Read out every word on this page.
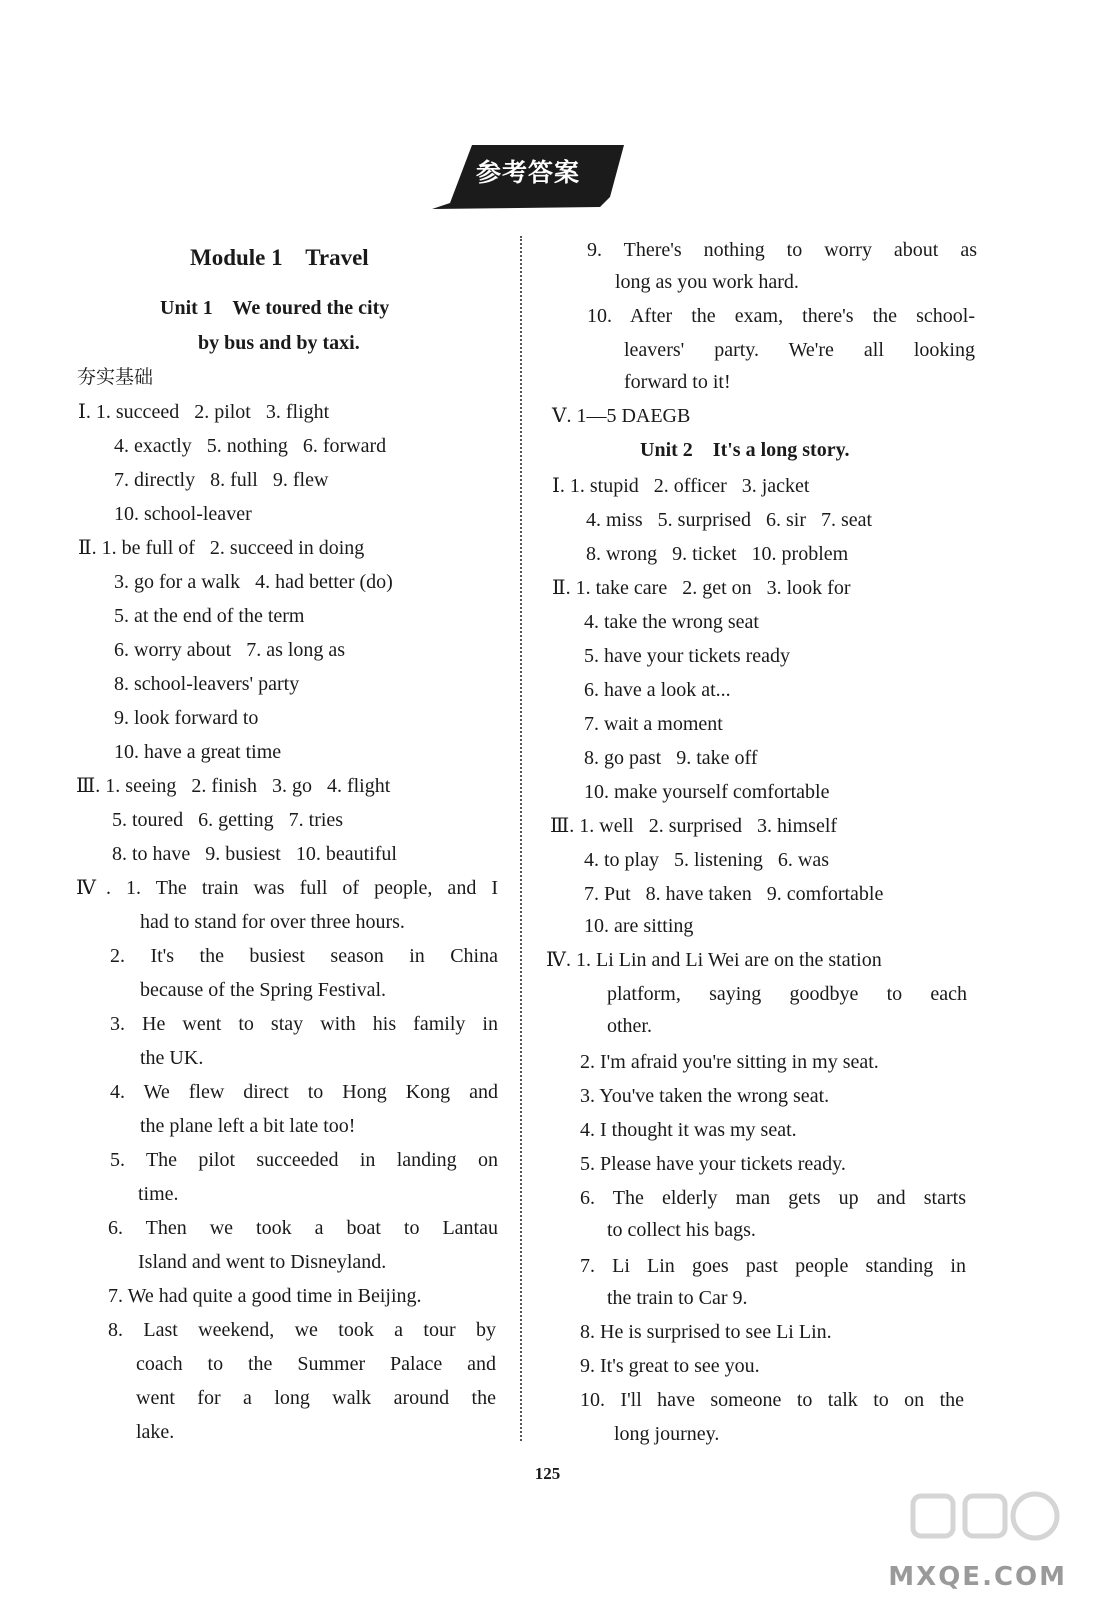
参考答案
Module 1    Travel
Unit 1    We toured the city
by bus and by taxi.
夯实基础
Ⅰ. 1. succeed   2. pilot   3. flight
4. exactly   5. nothing   6. forward
7. directly   8. full   9. flew
10. school-leaver
Ⅱ. 1. be full of   2. succeed in doing
3. go for a walk   4. had better (do)
5. at the end of the term
6. worry about   7. as long as
8. school-leavers' party
9. look forward to
10. have a great time
Ⅲ. 1. seeing   2. finish   3. go   4. flight
5. toured   6. getting   7. tries
8. to have   9. busiest   10. beautiful
Ⅳ. 1. The train was full of people, and I
had to stand for over three hours.
2. It's the busiest season in China
because of the Spring Festival.
3. He went to stay with his family in
the UK.
4. We flew direct to Hong Kong and
the plane left a bit late too!
5. The pilot succeeded in landing on
time.
6. Then we took a boat to Lantau
Island and went to Disneyland.
7. We had quite a good time in Beijing.
8. Last weekend, we took a tour by
coach to the Summer Palace and
went for a long walk around the
lake.
9. There's nothing to worry about as
long as you work hard.
10. After the exam, there's the school-
leavers' party. We're all looking
forward to it!
Ⅴ. 1—5 DAEGB
Unit 2    It's a long story.
Ⅰ. 1. stupid   2. officer   3. jacket
4. miss   5. surprised   6. sir   7. seat
8. wrong   9. ticket   10. problem
Ⅱ. 1. take care   2. get on   3. look for
4. take the wrong seat
5. have your tickets ready
6. have a look at...
7. wait a moment
8. go past   9. take off
10. make yourself comfortable
Ⅲ. 1. well   2. surprised   3. himself
4. to play   5. listening   6. was
7. Put   8. have taken   9. comfortable
10. are sitting
Ⅳ. 1. Li Lin and Li Wei are on the station
platform, saying goodbye to each
other.
2. I'm afraid you're sitting in my seat.
3. You've taken the wrong seat.
4. I thought it was my seat.
5. Please have your tickets ready.
6. The elderly man gets up and starts
to collect his bags.
7. Li Lin goes past people standing in
the train to Car 9.
8. He is surprised to see Li Lin.
9. It's great to see you.
10. I'll have someone to talk to on the
long journey.
125
MXQE.COM
